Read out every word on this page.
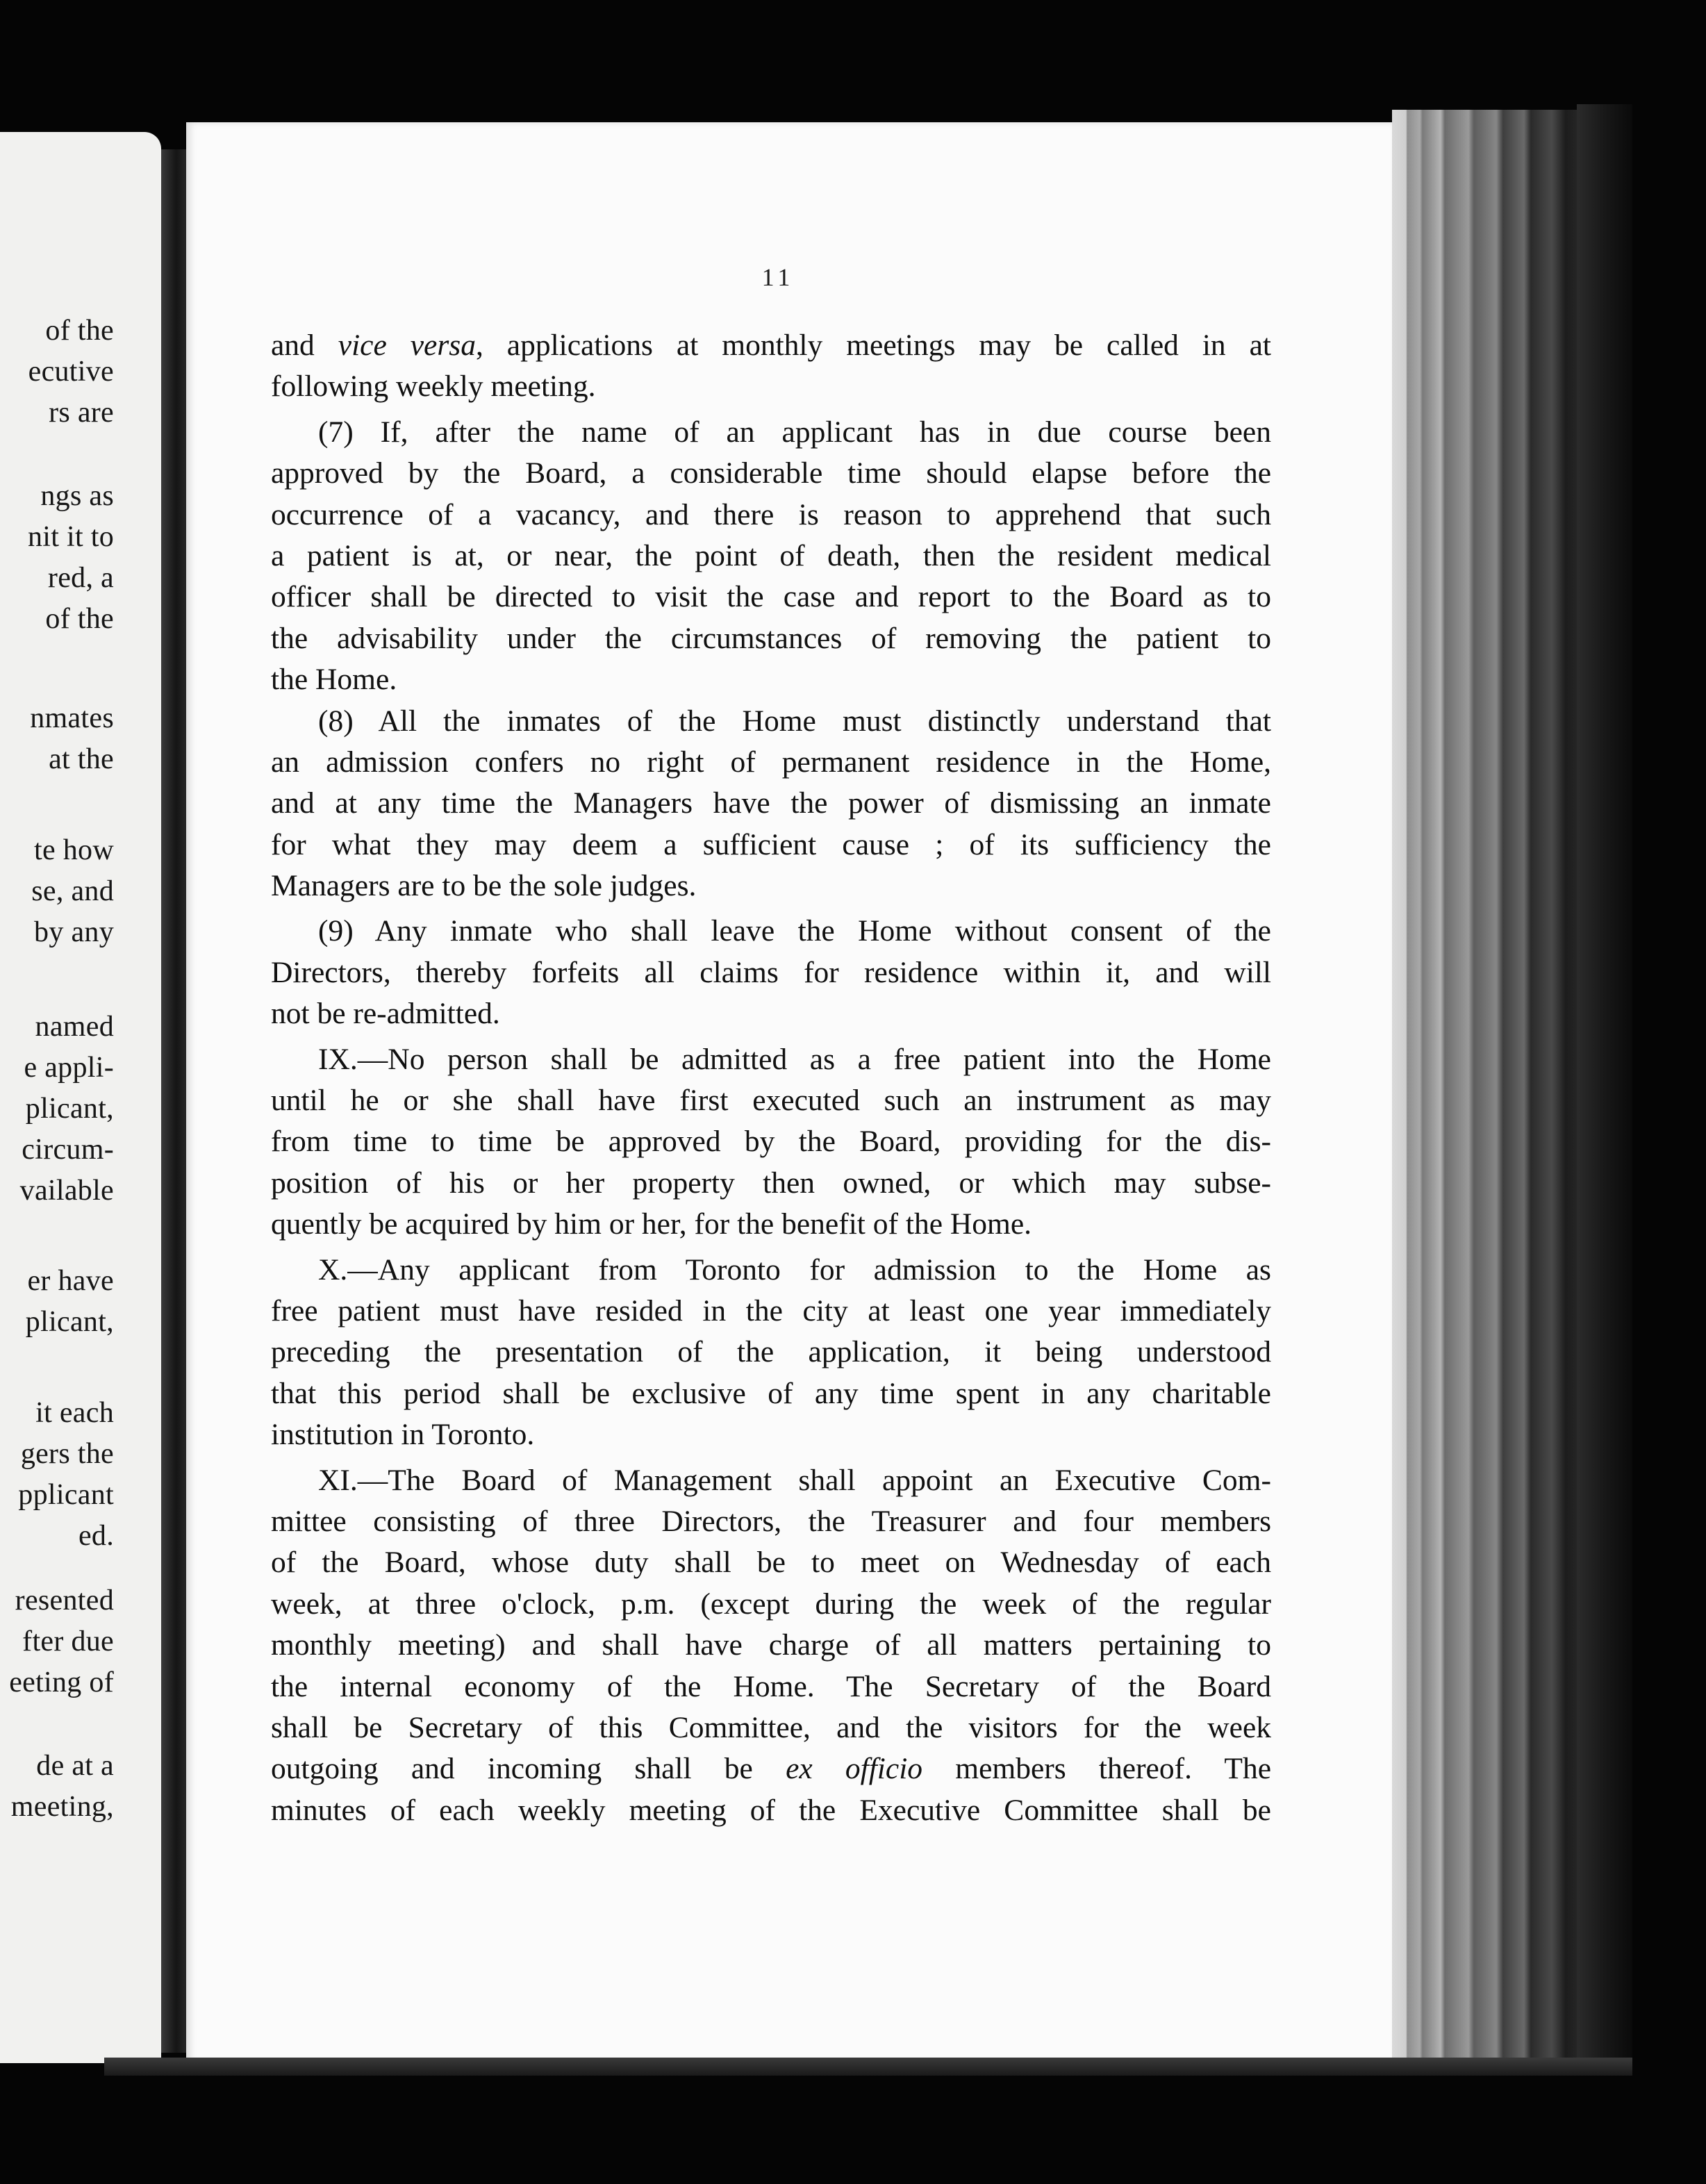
of the
ecutive
rs are
ngs as
nit it to
red, a
of the
nmates
at the
te how
se, and
by any
named
e appli-
plicant,
circum-
vailable
er have
plicant,
it each
gers the
pplicant
ed.
resented
fter due
eeting of
de at a
meeting,
11
and vice versa, applications at monthly meetings may be called in at
following weekly meeting.
(7) If, after the name of an applicant has in due course been
approved by the Board, a considerable time should elapse before the
occurrence of a vacancy, and there is reason to apprehend that such
a patient is at, or near, the point of death, then the resident medical
officer shall be directed to visit the case and report to the Board as to
the advisability under the circumstances of removing the patient to
the Home.
(8) All the inmates of the Home must distinctly understand that
an admission confers no right of permanent residence in the Home,
and at any time the Managers have the power of dismissing an inmate
for what they may deem a sufficient cause ; of its sufficiency the
Managers are to be the sole judges.
(9) Any inmate who shall leave the Home without consent of the
Directors, thereby forfeits all claims for residence within it, and will
not be re-admitted.
IX.—No person shall be admitted as a free patient into the Home
until he or she shall have first executed such an instrument as may
from time to time be approved by the Board, providing for the dis-
position of his or her property then owned, or which may subse-
quently be acquired by him or her, for the benefit of the Home.
X.—Any applicant from Toronto for admission to the Home as
free patient must have resided in the city at least one year immediately
preceding the presentation of the application, it being understood
that this period shall be exclusive of any time spent in any charitable
institution in Toronto.
XI.—The Board of Management shall appoint an Executive Com-
mittee consisting of three Directors, the Treasurer and four members
of the Board, whose duty shall be to meet on Wednesday of each
week, at three o'clock, p.m. (except during the week of the regular
monthly meeting) and shall have charge of all matters pertaining to
the internal economy of the Home. The Secretary of the Board
shall be Secretary of this Committee, and the visitors for the week
outgoing and incoming shall be ex officio members thereof. The
minutes of each weekly meeting of the Executive Committee shall be
